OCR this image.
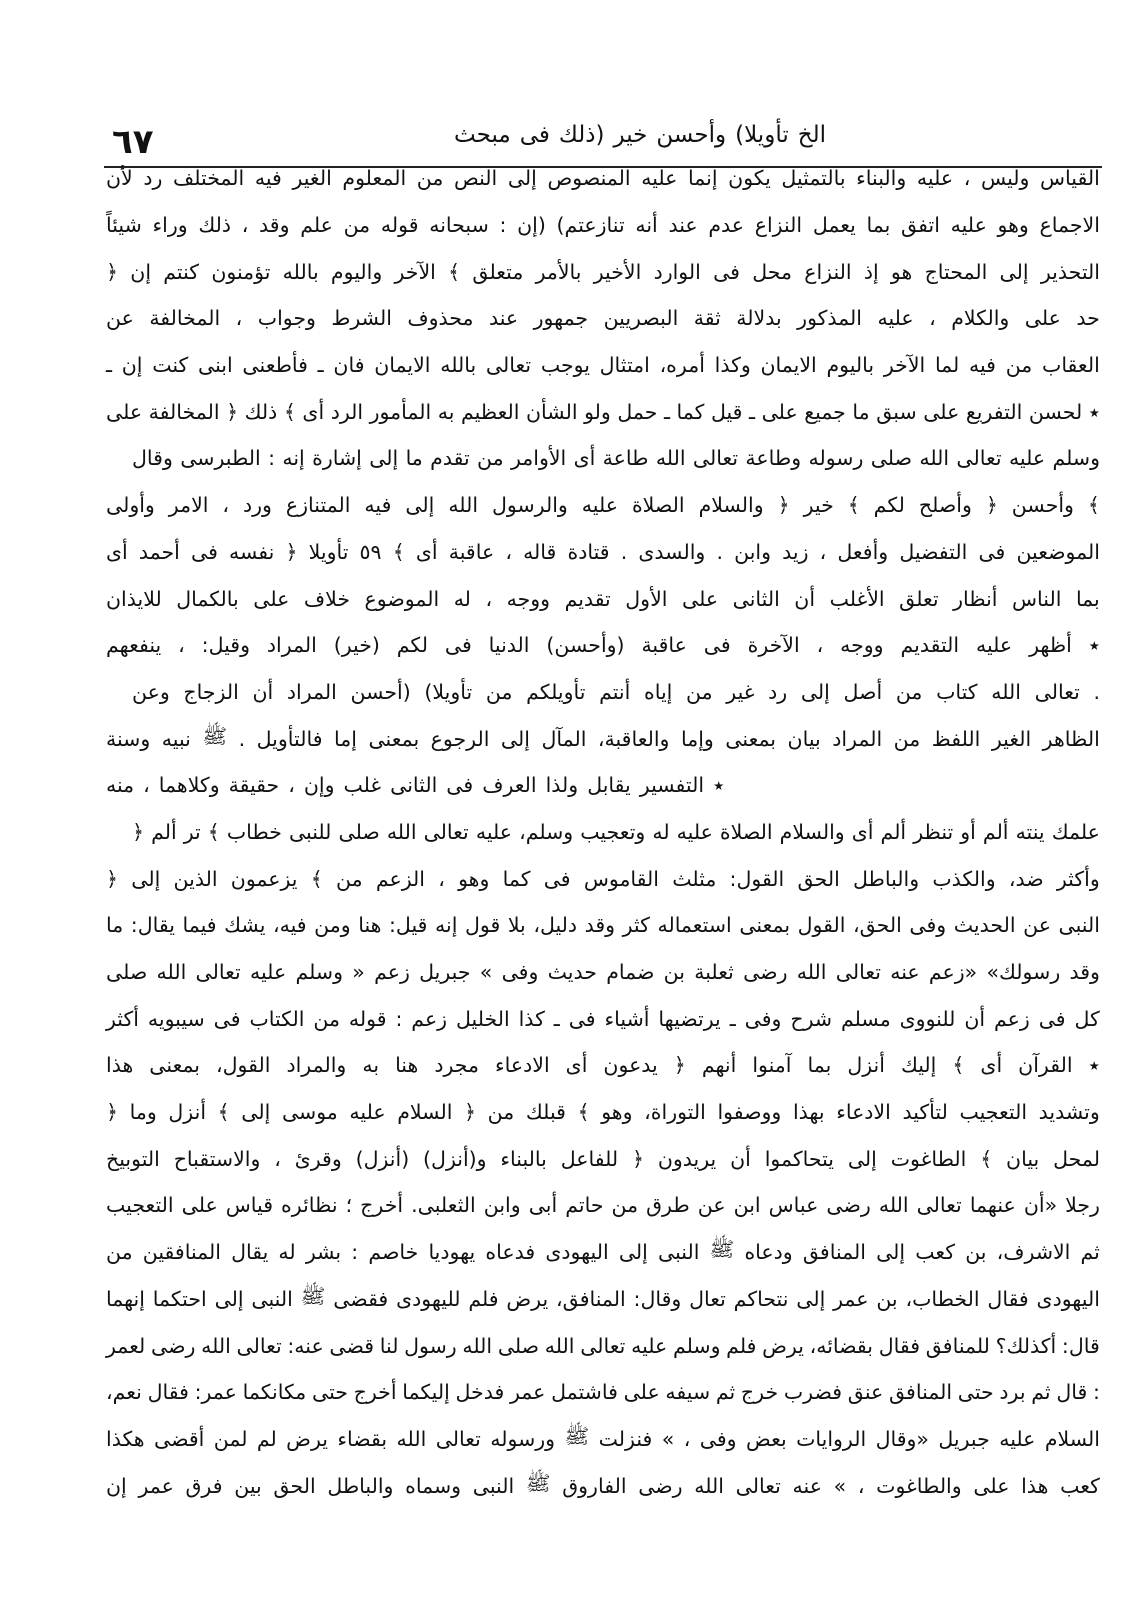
٦٧	مبحث فى (ذلك خير وأحسن تأويلا) الخ
لأن رد المختلف فيه الغير المعلوم من النص إلى المنصوص عليه إنما يكون بالتمثيل والبناء عليه ، وليس القياس
شيئاً وراء ذلك ، وقد علم من قوله سبحانه : (إن تنازعتم) أنه عند عدم النزاع يعمل بما اتفق عليه وهو الاجماع
﴿ إن كنتم تؤمنون بالله واليوم الآخر ﴾ متعلق بالأمر الأخير الوارد فى محل النزاع إذ هو المحتاج إلى التحذير
عن المخالفة ، وجواب الشرط محذوف عند جمهور البصريين ثقة بدلالة المذكور عليه ، والكلام على حد
ـ إن كنت ابنى فأطعنى ـ فان الايمان بالله تعالى يوجب امتثال أمره، وكذا الايمان باليوم الآخر لما فيه من العقاب
على المخالفة ﴿ ذلك ﴾ أى الرد المأمور به العظيم الشأن ولو حمل ـ كما قيل ـ على جميع ما سبق على التفريع لحسن ٭
وقال الطبرسى : إنه إشارة إلى ما تقدم من الأوامر أى طاعة الله تعالى وطاعة رسوله صلى الله تعالى عليه وسلم
وأولى الامر ، ورد المتنازع فيه إلى الله والرسول عليه الصلاة والسلام ﴿ خير ﴾ لكم وأصلح ﴿ وأحسن ﴾
أى أحمد فى نفسه ﴿ تأويلا ٥٩ ﴾ أى عاقبة ، قاله قتادة . والسدى . وابن زيد ، وأفعل التفضيل فى الموضعين
للايذان بالكمال على خلاف الموضوع له ، ووجه تقديم الأول على الثانى أن الأغلب تعلق أنظار الناس بما
ينفعهم ، وقيل: المراد (خير) لكم فى الدنيا (وأحسن) عاقبة فى الآخرة ، ووجه التقديم عليه أظهر ٭
وعن الزجاج أن المراد (أحسن تأويلا) من تأويلكم أنتم إياه من غير رد إلى أصل من كتاب الله تعالى .
وسنة نبيه ﷺ . فالتأويل إما بمعنى الرجوع إلى المآل والعاقبة، وإما بمعنى بيان المراد من اللفظ الغير الظاهر
منه ، وكلاهما حقيقة ، وإن غلب الثانى فى العرف ولذا يقابل التفسير ٭
﴿ ألم تر ﴾ خطاب للنبى صلى الله تعالى عليه وسلم، وتعجيب له عليه الصلاة والسلام أى ألم تنظر أو ألم ينته علمك
﴿ إلى الذين يزعمون ﴾ من الزعم ، وهو كما فى القاموس مثلث القول: الحق والباطل والكذب ضد، وأكثر
ما يقال: فيما يشك فيه، ومن هنا قيل: إنه قول بلا دليل، وقد كثر استعماله بمعنى القول الحق، وفى الحديث عن النبى
صلى الله تعالى عليه وسلم « زعم جبريل » وفى حديث ضمام بن ثعلبة رضى الله تعالى عنه «زعم رسولك» وقد
أكثر سيبويه فى الكتاب من قوله : زعم الخليل كذا ـ فى أشياء يرتضيها ـ وفى شرح مسلم للنووى أن زعم فى كل
هذا بمعنى القول، والمراد به هنا مجرد الادعاء أى يدعون ﴿ أنهم آمنوا بما أنزل إليك ﴾ أى القرآن ٭
﴿ وما أنزل ﴾ إلى موسى عليه السلام ﴿ من قبلك ﴾ وهو التوراة، ووصفوا بهذا الادعاء لتأكيد التعجيب وتشديد
التوبيخ والاستقباح ، وقرئ (أنزل) و(أنزل) بالبناء للفاعل ﴿ يريدون أن يتحاكموا إلى الطاغوت ﴾ بيان لمحل
التعجيب على قياس نظائره ؛ أخرج الثعلبى. وابن أبى حاتم من طرق عن ابن عباس رضى الله تعالى عنهما «أن رجلا
من المنافقين يقال له بشر : خاصم يهوديا فدعاه اليهودى إلى النبى ﷺ ودعاه المنافق إلى كعب بن الاشرف، ثم
إنهما احتكما إلى النبى ﷺ فقضى لليهودى فلم يرض المنافق، وقال: تعال نتحاكم إلى عمر بن الخطاب، فقال اليهودى
لعمر رضى الله تعالى عنه: قضى لنا رسول الله صلى الله تعالى عليه وسلم فلم يرض بقضائه، فقال للمنافق أكذلك؟ قال:
نعم، فقال عمر: مكانكما حتى أخرج إليكما فدخل عمر فاشتمل على سيفه ثم خرج فضرب عنق المنافق حتى برد ثم قال :
هكذا أقضى لمن لم يرض بقضاء الله تعالى ورسوله ﷺ فنزلت » ، وفى بعض الروايات «وقال جبريل عليه السلام
إن عمر فرق بين الحق والباطل وسماه النبى ﷺ الفاروق رضى الله تعالى عنه » ، والطاغوت على هذا كعب
